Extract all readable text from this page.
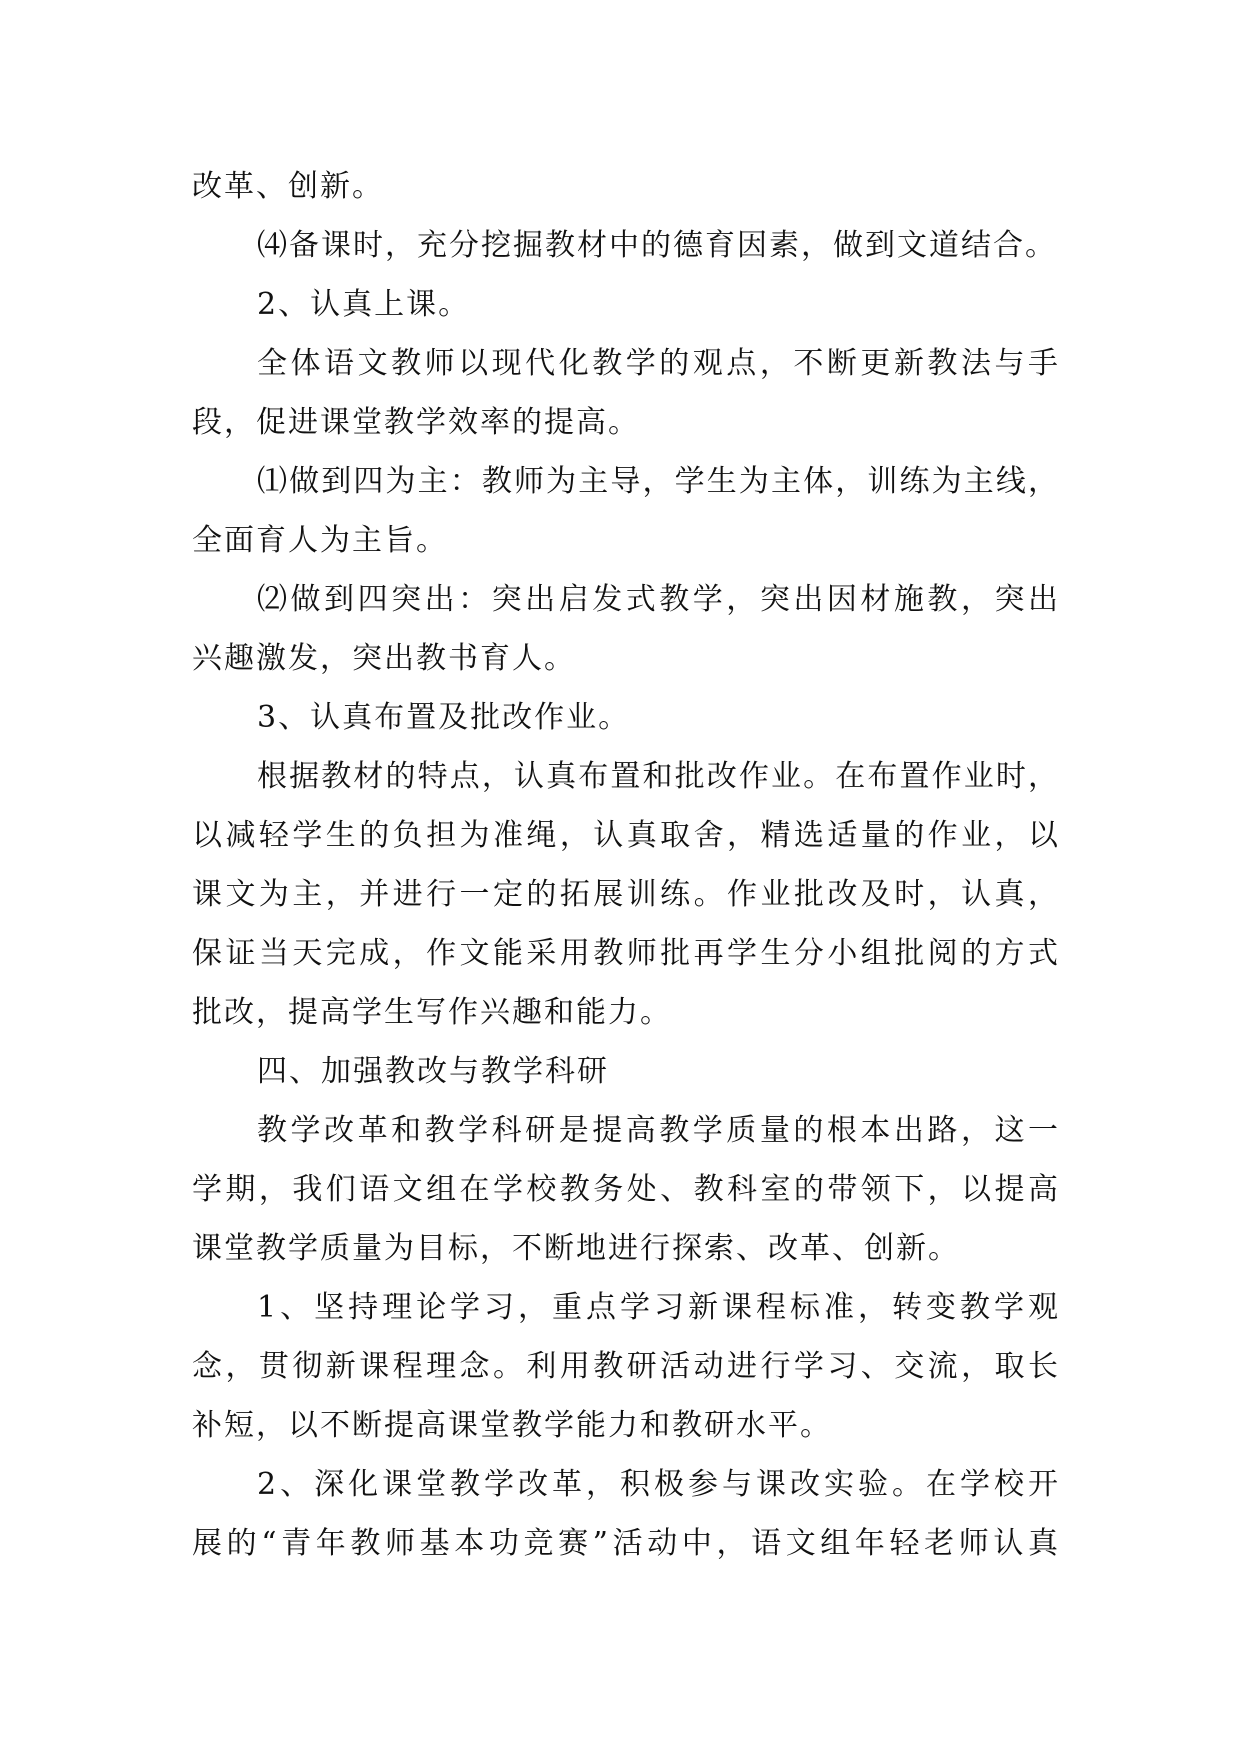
改革、创新。
⑷备课时，充分挖掘教材中的德育因素，做到文道结合。
2、认真上课。
全体语文教师以现代化教学的观点，不断更新教法与手
段，促进课堂教学效率的提高。
⑴做到四为主：教师为主导，学生为主体，训练为主线，
全面育人为主旨。
⑵做到四突出：突出启发式教学，突出因材施教，突出
兴趣激发，突出教书育人。
3、认真布置及批改作业。
根据教材的特点，认真布置和批改作业。在布置作业时，
以减轻学生的负担为准绳，认真取舍，精选适量的作业，以
课文为主，并进行一定的拓展训练。作业批改及时，认真，
保证当天完成，作文能采用教师批再学生分小组批阅的方式
批改，提高学生写作兴趣和能力。
四、加强教改与教学科研
教学改革和教学科研是提高教学质量的根本出路，这一
学期，我们语文组在学校教务处、教科室的带领下，以提高
课堂教学质量为目标，不断地进行探索、改革、创新。
1、坚持理论学习，重点学习新课程标准，转变教学观
念，贯彻新课程理念。利用教研活动进行学习、交流，取长
补短，以不断提高课堂教学能力和教研水平。
2、深化课堂教学改革，积极参与课改实验。在学校开
展的“青年教师基本功竞赛”活动中，语文组年轻老师认真
